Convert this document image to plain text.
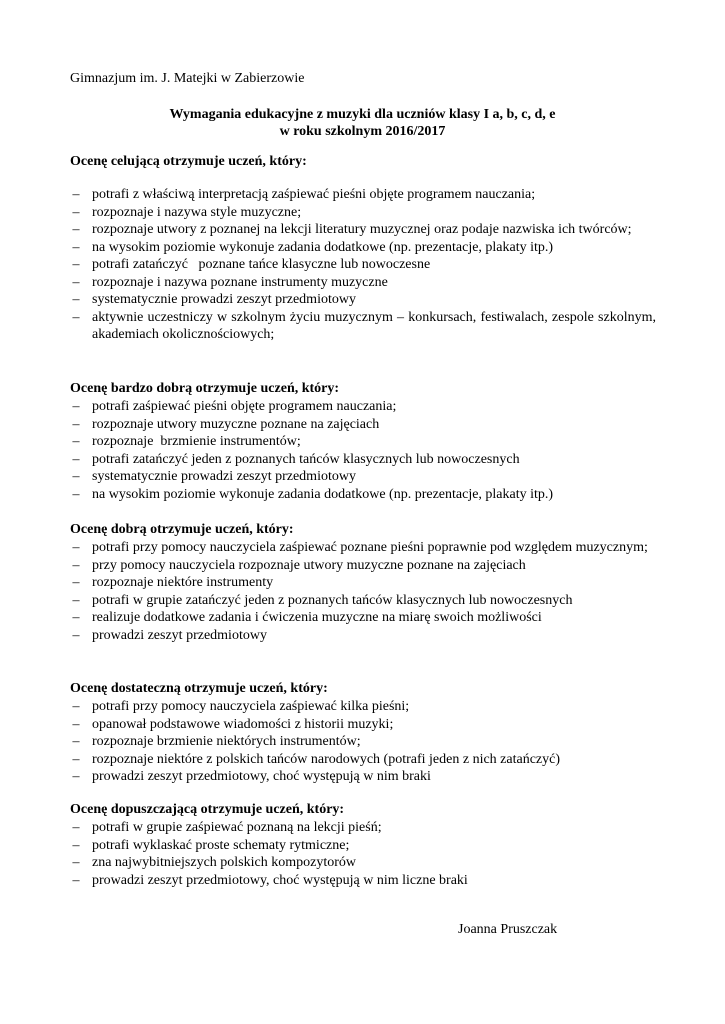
Gimnazjum im. J. Matejki w Zabierzowie
Wymagania edukacyjne z muzyki dla uczniów klasy I a, b, c, d, e
w roku szkolnym 2016/2017
Ocenę celującą otrzymuje uczeń, który:
– potrafi z właściwą interpretacją zaśpiewać pieśni objęte programem nauczania;
– rozpoznaje i nazywa style muzyczne;
– rozpoznaje utwory z poznanej na lekcji literatury muzycznej oraz podaje nazwiska ich twórców;
– na wysokim poziomie wykonuje zadania dodatkowe (np. prezentacje, plakaty itp.)
– potrafi zatańczyć   poznane tańce klasyczne lub nowoczesne
– rozpoznaje i nazywa poznane instrumenty muzyczne
– systematycznie prowadzi zeszyt przedmiotowy
– aktywnie uczestniczy w szkolnym życiu muzycznym – konkursach, festiwalach, zespole szkolnym, akademiach okolicznościowych;
Ocenę bardzo dobrą otrzymuje uczeń, który:
– potrafi zaśpiewać pieśni objęte programem nauczania;
– rozpoznaje utwory muzyczne poznane na zajęciach
– rozpoznaje  brzmienie instrumentów;
– potrafi zatańczyć jeden z poznanych tańców klasycznych lub nowoczesnych
– systematycznie prowadzi zeszyt przedmiotowy
– na wysokim poziomie wykonuje zadania dodatkowe (np. prezentacje, plakaty itp.)
Ocenę dobrą otrzymuje uczeń, który:
– potrafi przy pomocy nauczyciela zaśpiewać poznane pieśni poprawnie pod względem muzycznym;
– przy pomocy nauczyciela rozpoznaje utwory muzyczne poznane na zajęciach
– rozpoznaje niektóre instrumenty
– potrafi w grupie zatańczyć jeden z poznanych tańców klasycznych lub nowoczesnych
– realizuje dodatkowe zadania i ćwiczenia muzyczne na miarę swoich możliwości
– prowadzi zeszyt przedmiotowy
Ocenę dostateczną otrzymuje uczeń, który:
– potrafi przy pomocy nauczyciela zaśpiewać kilka pieśni;
– opanował podstawowe wiadomości z historii muzyki;
– rozpoznaje brzmienie niektórych instrumentów;
– rozpoznaje niektóre z polskich tańców narodowych (potrafi jeden z nich zatańczyć)
– prowadzi zeszyt przedmiotowy, choć występują w nim braki
Ocenę dopuszczającą otrzymuje uczeń, który:
– potrafi w grupie zaśpiewać poznaną na lekcji pieśń;
– potrafi wyklaskać proste schematy rytmiczne;
– zna najwybitniejszych polskich kompozytorów
– prowadzi zeszyt przedmiotowy, choć występują w nim liczne braki
Joanna Pruszczak
